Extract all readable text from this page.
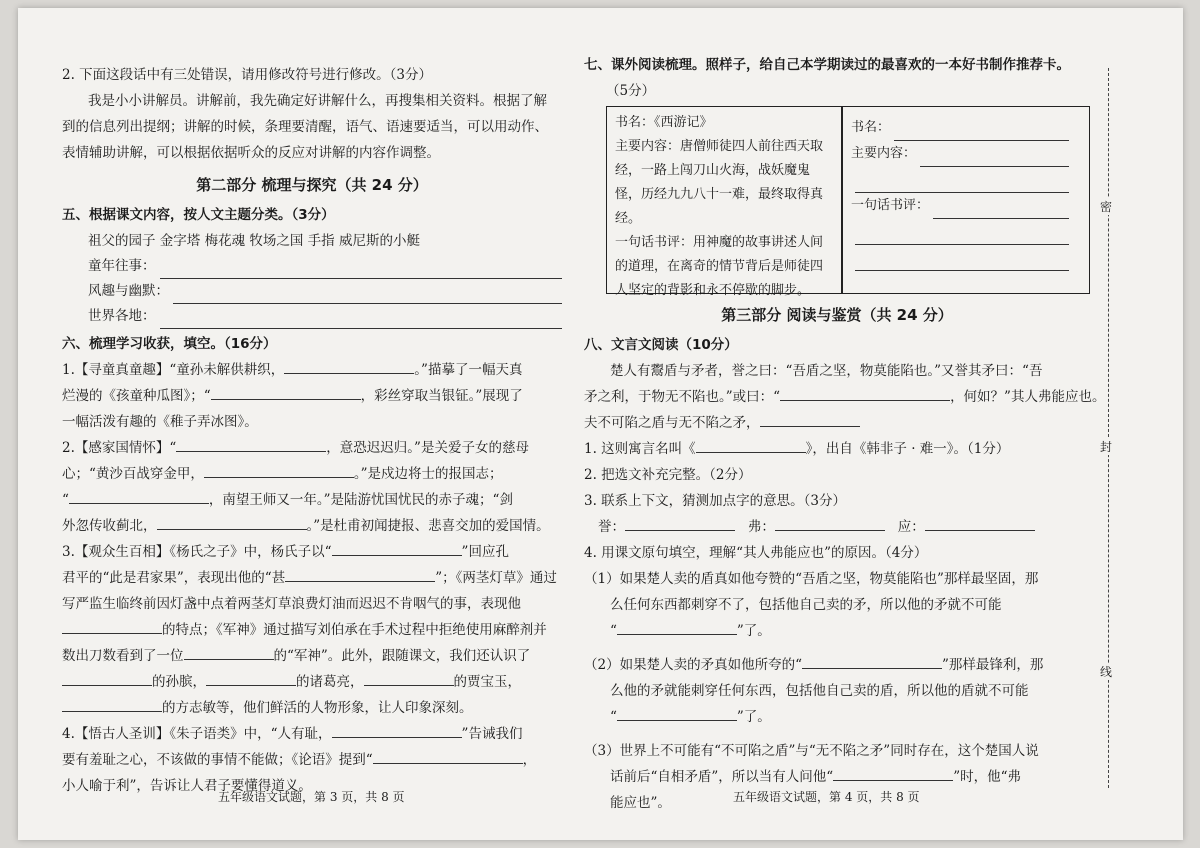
2. 下面这段话中有三处错误，请用修改符号进行修改。（3分）

我是小小讲解员。讲解前，我先确定好讲解什么，再搜集相关资料。根据了解

到的信息列出提纲；讲解的时候，条理要清醒，语气、语速要适当，可以用动作、

表情辅助讲解，可以根据依据听众的反应对讲解的内容作调整。

第二部分 梳理与探究（共 24 分）

五、根据课文内容，按人文主题分类。（3分）

祖父的园子 金字塔 梅花魂 牧场之国 手指 威尼斯的小艇

童年往事：
风趣与幽默：
世界各地：

六、梳理学习收获，填空。（16分）

1.【寻童真童趣】“童孙未解供耕织，	。”描摹了一幅天真

烂漫的《孩童种瓜图》；“	，彩丝穿取当银钲。”展现了

一幅活泼有趣的《稚子弄冰图》。

2.【感家国情怀】“	，意恐迟迟归。”是关爱子女的慈母

心；“黄沙百战穿金甲，	。”是戍边将士的报国志；

“	，南望王师又一年。”是陆游忧国忧民的赤子魂；“剑

外忽传收蓟北，	。”是杜甫初闻捷报、悲喜交加的爱国情。

3.【观众生百相】《杨氏之子》中，杨氏子以“	”回应孔

君平的“此是君家果”，表现出他的“甚	”；《两茎灯草》通过

写严监生临终前因灯盏中点着两茎灯草浪费灯油而迟迟不肯咽气的事，表现他

的特点；《军神》通过描写刘伯承在手术过程中拒绝使用麻醉剂并

数出刀数看到了一位	的“军神”。此外，跟随课文，我们还认识了

的孙膑，	的诸葛亮，	的贾宝玉，

的方志敏等，他们鲜活的人物形象，让人印象深刻。

4.【悟古人圣训】《朱子语类》中，“人有耻，	”告诫我们

要有羞耻之心，不该做的事情不能做；《论语》提到“	，

小人喻于利”，告诉让人君子要懂得道义。

五年级语文试题，第 3 页，共 8 页

七、课外阅读梳理。照样子，给自己本学期读过的最喜欢的一本好书制作推荐卡。

（5分）

书名：《西游记》
主要内容：唐僧师徒四人前往西天取经，一路上闯刀山火海，战妖魔鬼怪，历经九九八十一难，最终取得真经。
一句话书评：用神魔的故事讲述人间的道理，在离奇的情节背后是师徒四人坚定的背影和永不停歇的脚步。
书名：
主要内容：
一句话书评：

第三部分 阅读与鉴赏（共 24 分）

八、文言文阅读（10分）

楚人有鬻盾与矛者，誉之曰：“吾盾之坚，物莫能陷也。”又誉其矛曰：“吾

矛之利，于物无不陷也。”或曰：“	，何如？”其人弗能应也。

夫不可陷之盾与无不陷之矛，

1. 这则寓言名叫《	》，出自《韩非子 · 难一》。（1分）

2. 把选文补充完整。（2分）

3. 联系上下文，猜测加点字的意思。（3分）

誉：	弗：	应：

4. 用课文原句填空，理解“其人弗能应也”的原因。（4分）

（1）如果楚人卖的盾真如他夸赞的“吾盾之坚，物莫能陷也”那样最坚固，那

么任何东西都刺穿不了，包括他自己卖的矛，所以他的矛就不可能

“	”了。

（2）如果楚人卖的矛真如他所夸的“	”那样最锋利，那

么他的矛就能刺穿任何东西，包括他自己卖的盾，所以他的盾就不可能

“	”了。

（3）世界上不可能有“不可陷之盾”与“无不陷之矛”同时存在，这个楚国人说

话前后“自相矛盾”，所以当有人问他“	”时，他“弗

能应也”。	五年级语文试题，第 4 页，共 8 页
密
封
线
